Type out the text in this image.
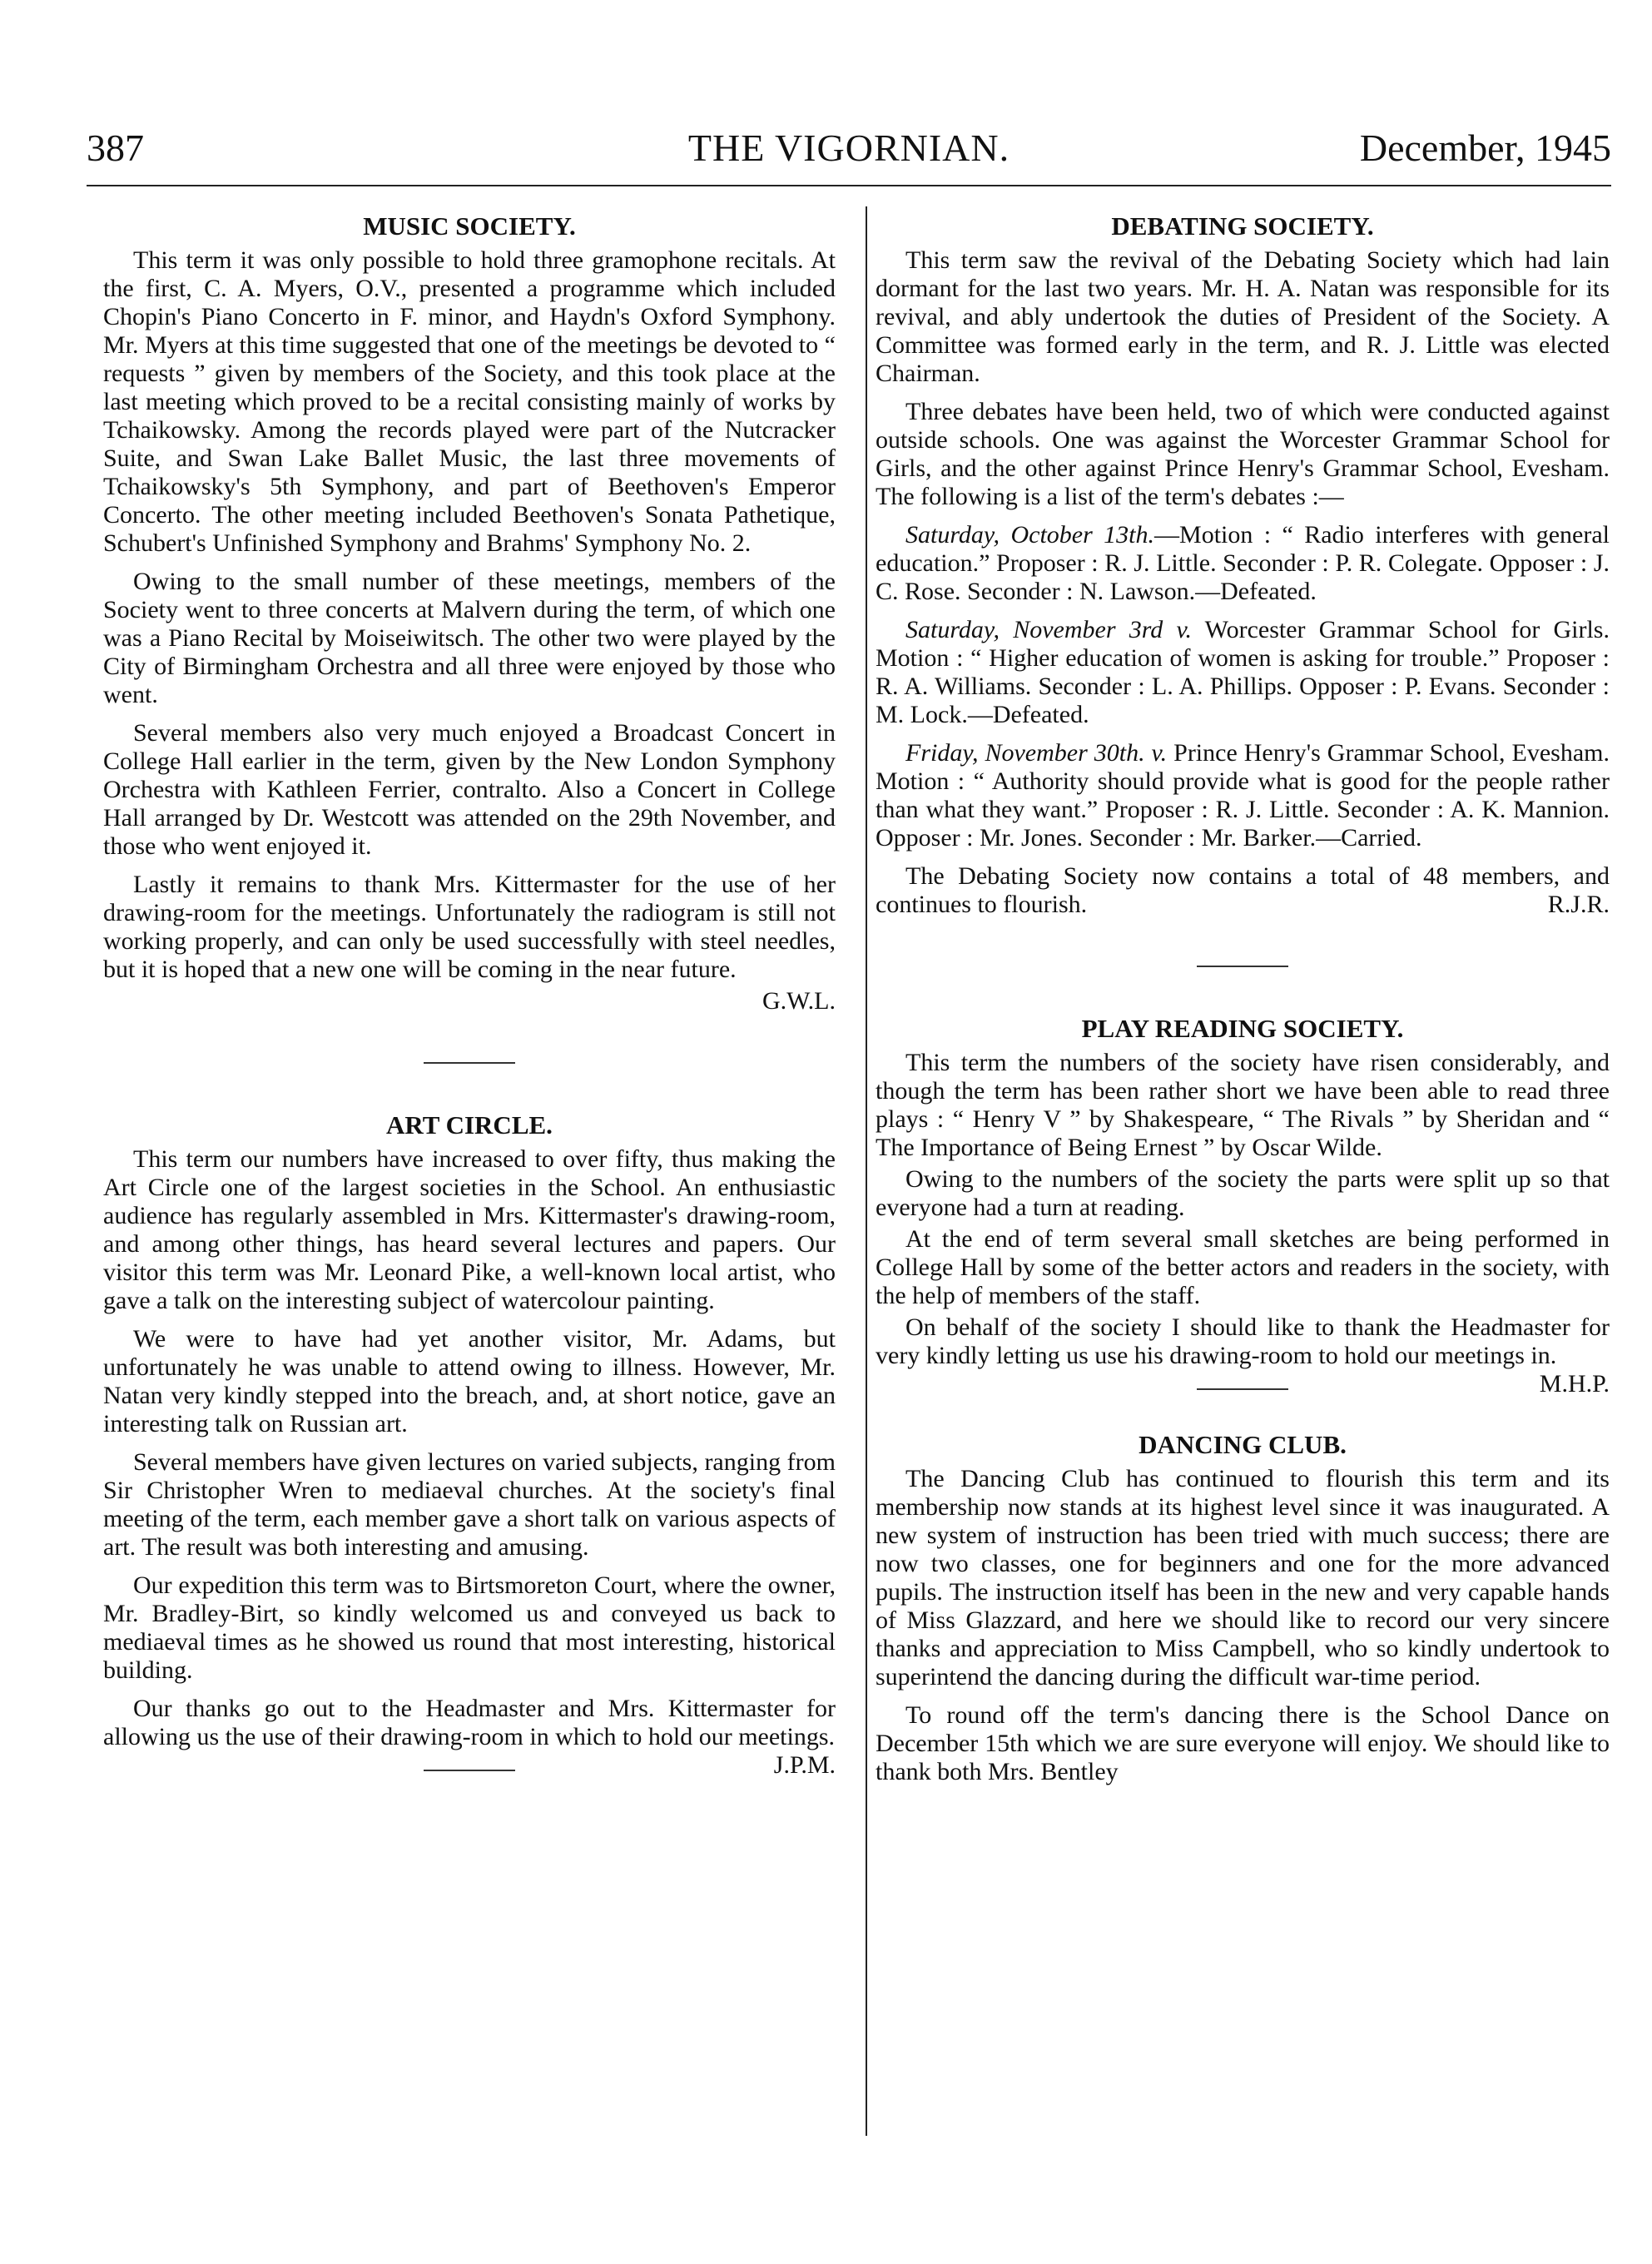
387	THE VIGORNIAN.	December, 1945
MUSIC SOCIETY.

This term it was only possible to hold three gramophone recitals. At the first, C. A. Myers, O.V., presented a programme which included Chopin's Piano Concerto in F. minor, and Haydn's Oxford Symphony. Mr. Myers at this time suggested that one of the meetings be devoted to “ requests ” given by members of the Society, and this took place at the last meeting which proved to be a recital consisting mainly of works by Tchaikowsky. Among the records played were part of the Nutcracker Suite, and Swan Lake Ballet Music, the last three movements of Tchaikowsky's 5th Symphony, and part of Beethoven's Emperor Concerto. The other meeting included Beethoven's Sonata Pathetique, Schubert's Unfinished Symphony and Brahms' Symphony No. 2.

Owing to the small number of these meetings, members of the Society went to three concerts at Malvern during the term, of which one was a Piano Recital by Moiseiwitsch. The other two were played by the City of Birmingham Orchestra and all three were enjoyed by those who went.

Several members also very much enjoyed a Broadcast Concert in College Hall earlier in the term, given by the New London Symphony Orchestra with Kathleen Ferrier, contralto. Also a Concert in College Hall arranged by Dr. Westcott was attended on the 29th November, and those who went enjoyed it.

Lastly it remains to thank Mrs. Kittermaster for the use of her drawing-room for the meetings. Unfortunately the radiogram is still not working properly, and can only be used successfully with steel needles, but it is hoped that a new one will be coming in the near future.

G.W.L.
ART CIRCLE.

This term our numbers have increased to over fifty, thus making the Art Circle one of the largest societies in the School. An enthusiastic audience has regularly assembled in Mrs. Kittermaster's drawing-room, and among other things, has heard several lectures and papers. Our visitor this term was Mr. Leonard Pike, a well-known local artist, who gave a talk on the interesting subject of watercolour painting.

We were to have had yet another visitor, Mr. Adams, but unfortunately he was unable to attend owing to illness. However, Mr. Natan very kindly stepped into the breach, and, at short notice, gave an interesting talk on Russian art.

Several members have given lectures on varied subjects, ranging from Sir Christopher Wren to mediaeval churches. At the society's final meeting of the term, each member gave a short talk on various aspects of art. The result was both interesting and amusing.

Our expedition this term was to Birtsmoreton Court, where the owner, Mr. Bradley-Birt, so kindly welcomed us and conveyed us back to mediaeval times as he showed us round that most interesting, historical building.

Our thanks go out to the Headmaster and Mrs. Kittermaster for allowing us the use of their drawing-room in which to hold our meetings.
J.P.M.

DEBATING SOCIETY.

This term saw the revival of the Debating Society which had lain dormant for the last two years. Mr. H. A. Natan was responsible for its revival, and ably undertook the duties of President of the Society. A Committee was formed early in the term, and R. J. Little was elected Chairman.

Three debates have been held, two of which were conducted against outside schools. One was against the Worcester Grammar School for Girls, and the other against Prince Henry's Grammar School, Evesham. The following is a list of the term's debates :—

Saturday, October 13th.—Motion : “ Radio interferes with general education.” Proposer : R. J. Little. Seconder : P. R. Colegate. Opposer : J. C. Rose. Seconder : N. Lawson.—Defeated.

Saturday, November 3rd v. Worcester Grammar School for Girls. Motion : “ Higher education of women is asking for trouble.” Proposer : R. A. Williams. Seconder : L. A. Phillips. Opposer : P. Evans. Seconder : M. Lock.—Defeated.

Friday, November 30th. v. Prince Henry's Grammar School, Evesham. Motion : “ Authority should provide what is good for the people rather than what they want.” Proposer : R. J. Little. Seconder : A. K. Mannion. Opposer : Mr. Jones. Seconder : Mr. Barker.—Carried.

The Debating Society now contains a total of 48 members, and continues to flourish.	R.J.R.

PLAY READING SOCIETY.

This term the numbers of the society have risen considerably, and though the term has been rather short we have been able to read three plays : “ Henry V ” by Shakespeare, “ The Rivals ” by Sheridan and “ The Importance of Being Ernest ” by Oscar Wilde.

Owing to the numbers of the society the parts were split up so that everyone had a turn at reading.

At the end of term several small sketches are being performed in College Hall by some of the better actors and readers in the society, with the help of members of the staff.

On behalf of the society I should like to thank the Headmaster for very kindly letting us use his drawing-room to hold our meetings in.
M.H.P.

DANCING CLUB.

The Dancing Club has continued to flourish this term and its membership now stands at its highest level since it was inaugurated. A new system of instruction has been tried with much success; there are now two classes, one for beginners and one for the more advanced pupils. The instruction itself has been in the new and very capable hands of Miss Glazzard, and here we should like to record our very sincere thanks and appreciation to Miss Campbell, who so kindly undertook to superintend the dancing during the difficult war-time period.

To round off the term's dancing there is the School Dance on December 15th which we are sure everyone will enjoy. We should like to thank both Mrs. Bentley
